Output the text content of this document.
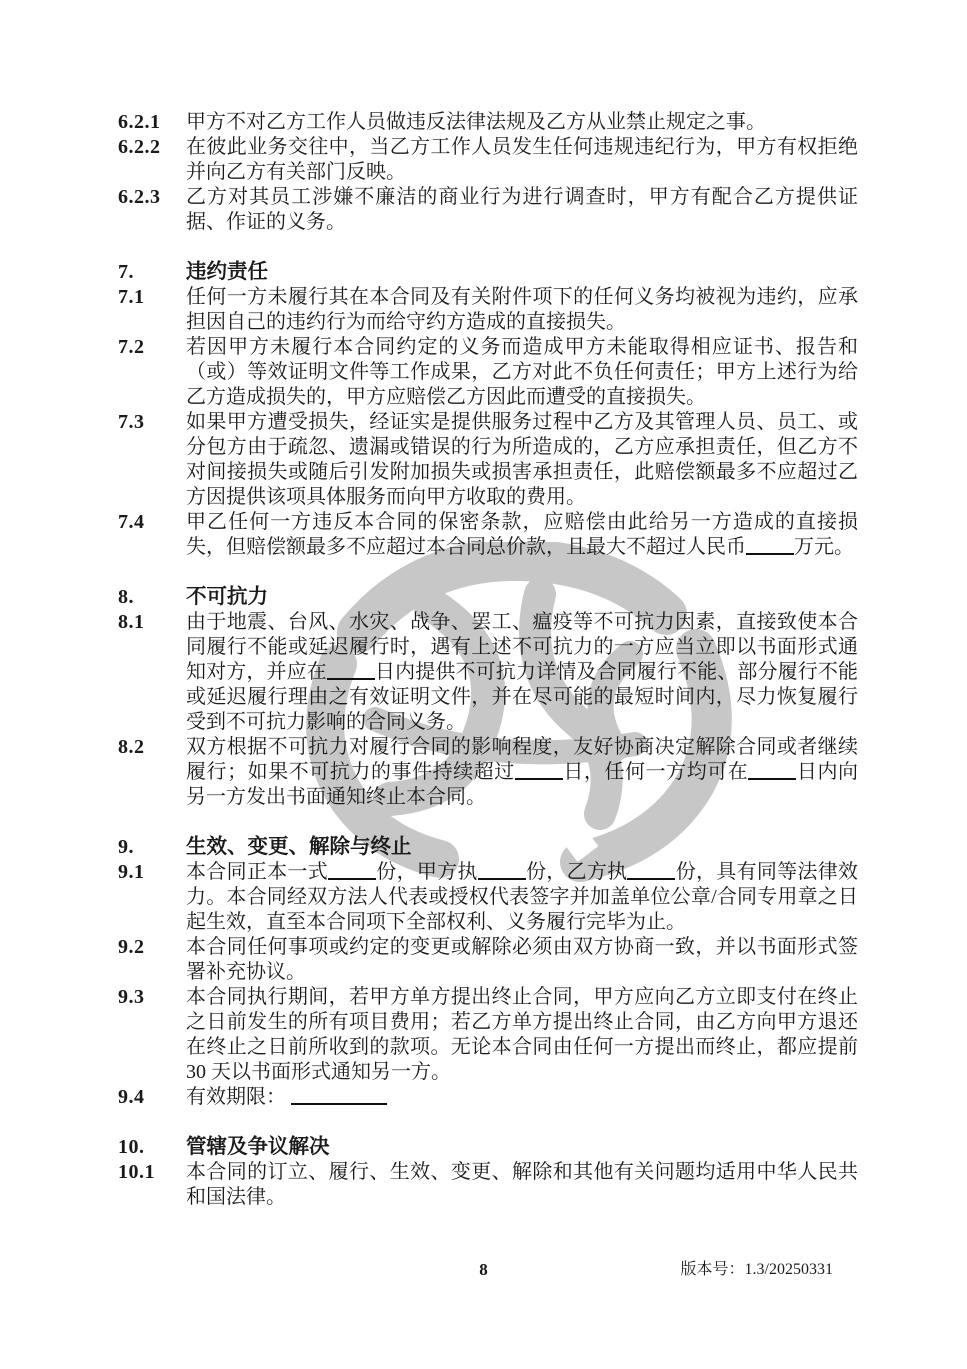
6.2.1	甲方不对乙方工作人员做违反法律法规及乙方从业禁止规定之事。
6.2.2	在彼此业务交往中，当乙方工作人员发生任何违规违纪行为，甲方有权拒绝并向乙方有关部门反映。
6.2.3	乙方对其员工涉嫌不廉洁的商业行为进行调查时，甲方有配合乙方提供证据、作证的义务。
7.	违约责任
7.1	任何一方未履行其在本合同及有关附件项下的任何义务均被视为违约，应承担因自己的违约行为而给守约方造成的直接损失。
7.2	若因甲方未履行本合同约定的义务而造成甲方未能取得相应证书、报告和（或）等效证明文件等工作成果，乙方对此不负任何责任；甲方上述行为给乙方造成损失的，甲方应赔偿乙方因此而遭受的直接损失。
7.3	如果甲方遭受损失，经证实是提供服务过程中乙方及其管理人员、员工、或分包方由于疏忽、遗漏或错误的行为所造成的，乙方应承担责任，但乙方不对间接损失或随后引发附加损失或损害承担责任，此赔偿额最多不应超过乙方因提供该项具体服务而向甲方收取的费用。
7.4	甲乙任何一方违反本合同的保密条款，应赔偿由此给另一方造成的直接损失，但赔偿额最多不应超过本合同总价款，且最大不超过人民币 万元。
8.	不可抗力
8.1	由于地震、台风、水灾、战争、罢工、瘟疫等不可抗力因素，直接致使本合同履行不能或延迟履行时，遇有上述不可抗力的一方应当立即以书面形式通知对方，并应在 日内提供不可抗力详情及合同履行不能、部分履行不能或延迟履行理由之有效证明文件，并在尽可能的最短时间内，尽力恢复履行受到不可抗力影响的合同义务。
8.2	双方根据不可抗力对履行合同的影响程度，友好协商决定解除合同或者继续履行；如果不可抗力的事件持续超过 日，任何一方均可在 日内向另一方发出书面通知终止本合同。
9.	生效、变更、解除与终止
9.1	本合同正本一式 份，甲方执 份，乙方执 份，具有同等法律效力。本合同经双方法人代表或授权代表签字并加盖单位公章/合同专用章之日起生效，直至本合同项下全部权利、义务履行完毕为止。
9.2	本合同任何事项或约定的变更或解除必须由双方协商一致，并以书面形式签署补充协议。
9.3	本合同执行期间，若甲方单方提出终止合同，甲方应向乙方立即支付在终止之日前发生的所有项目费用；若乙方单方提出终止合同，由乙方向甲方退还在终止之日前所收到的款项。无论本合同由任何一方提出而终止，都应提前 30 天以书面形式通知另一方。
9.4	有效期限：
10.	管辖及争议解决
10.1	本合同的订立、履行、生效、变更、解除和其他有关问题均适用中华人民共和国法律。
8	版本号：1.3/20250331
